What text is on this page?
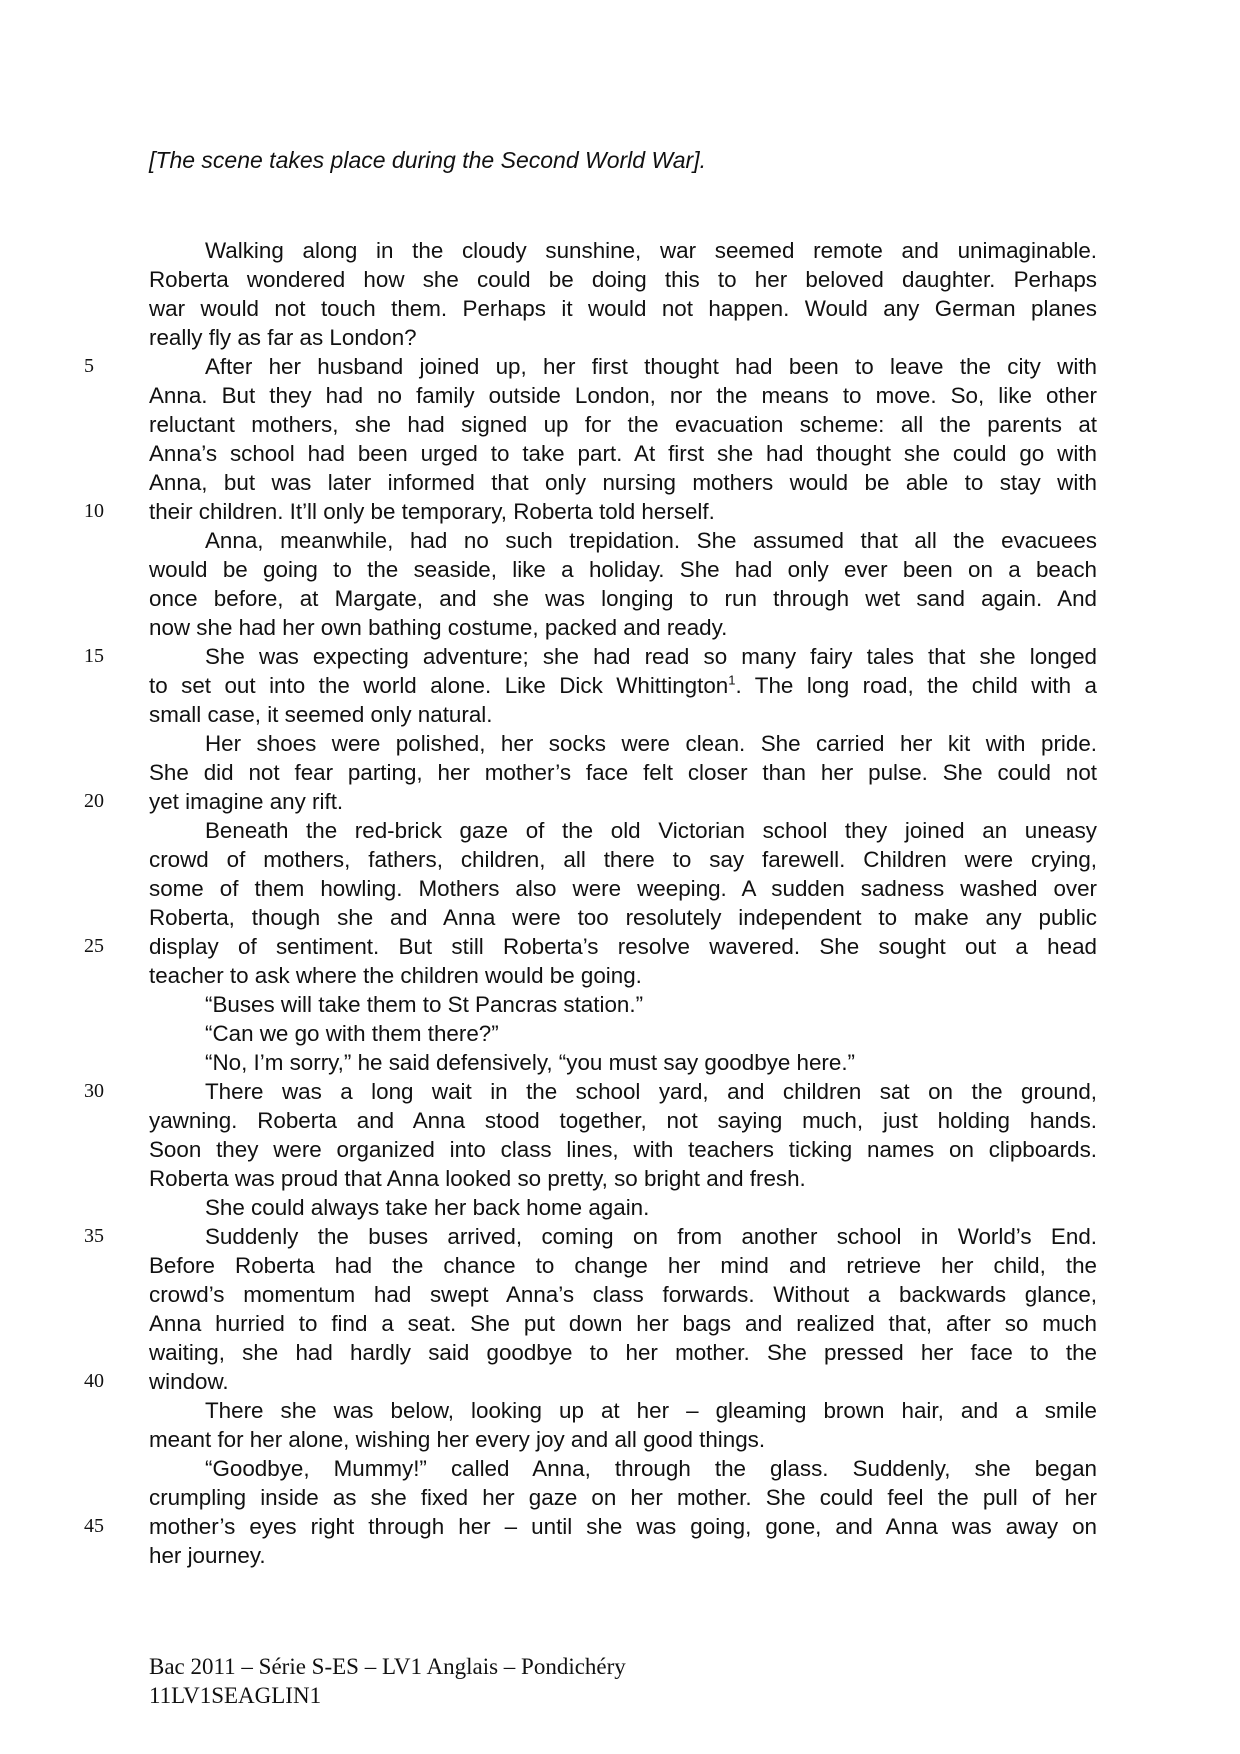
[The scene takes place during the Second World War].
Walking along in the cloudy sunshine, war seemed remote and unimaginable.
Roberta wondered how she could be doing this to her beloved daughter. Perhaps
war would not touch them. Perhaps it would not happen. Would any German planes
really fly as far as London?
5	After her husband joined up, her first thought had been to leave the city with
Anna. But they had no family outside London, nor the means to move. So, like other
reluctant mothers, she had signed up for the evacuation scheme: all the parents at
Anna’s school had been urged to take part. At first she had thought she could go with
Anna, but was later informed that only nursing mothers would be able to stay with
10	their children. It’ll only be temporary, Roberta told herself.
Anna, meanwhile, had no such trepidation. She assumed that all the evacuees
would be going to the seaside, like a holiday. She had only ever been on a beach
once before, at Margate, and she was longing to run through wet sand again. And
now she had her own bathing costume, packed and ready.
15	She was expecting adventure; she had read so many fairy tales that she longed
to set out into the world alone. Like Dick Whittington$^1$. The long road, the child with a
small case, it seemed only natural.
Her shoes were polished, her socks were clean. She carried her kit with pride.
She did not fear parting, her mother’s face felt closer than her pulse. She could not
20	yet imagine any rift.
Beneath the red-brick gaze of the old Victorian school they joined an uneasy
crowd of mothers, fathers, children, all there to say farewell. Children were crying,
some of them howling. Mothers also were weeping. A sudden sadness washed over
Roberta, though she and Anna were too resolutely independent to make any public
25	display of sentiment. But still Roberta’s resolve wavered. She sought out a head
teacher to ask where the children would be going.
“Buses will take them to St Pancras station.”
“Can we go with them there?”
“No, I’m sorry,” he said defensively, “you must say goodbye here.”
30	There was a long wait in the school yard, and children sat on the ground,
yawning. Roberta and Anna stood together, not saying much, just holding hands.
Soon they were organized into class lines, with teachers ticking names on clipboards.
Roberta was proud that Anna looked so pretty, so bright and fresh.
She could always take her back home again.
35	Suddenly the buses arrived, coming on from another school in World’s End.
Before Roberta had the chance to change her mind and retrieve her child, the
crowd’s momentum had swept Anna’s class forwards. Without a backwards glance,
Anna hurried to find a seat. She put down her bags and realized that, after so much
waiting, she had hardly said goodbye to her mother. She pressed her face to the
40	window.
There she was below, looking up at her – gleaming brown hair, and a smile
meant for her alone, wishing her every joy and all good things.
“Goodbye, Mummy!” called Anna, through the glass. Suddenly, she began
crumpling inside as she fixed her gaze on her mother. She could feel the pull of her
45	mother’s eyes right through her – until she was going, gone, and Anna was away on
her journey.
Bac 2011 – Série S-ES – LV1 Anglais – Pondichéry
11LV1SEAGLIN1
